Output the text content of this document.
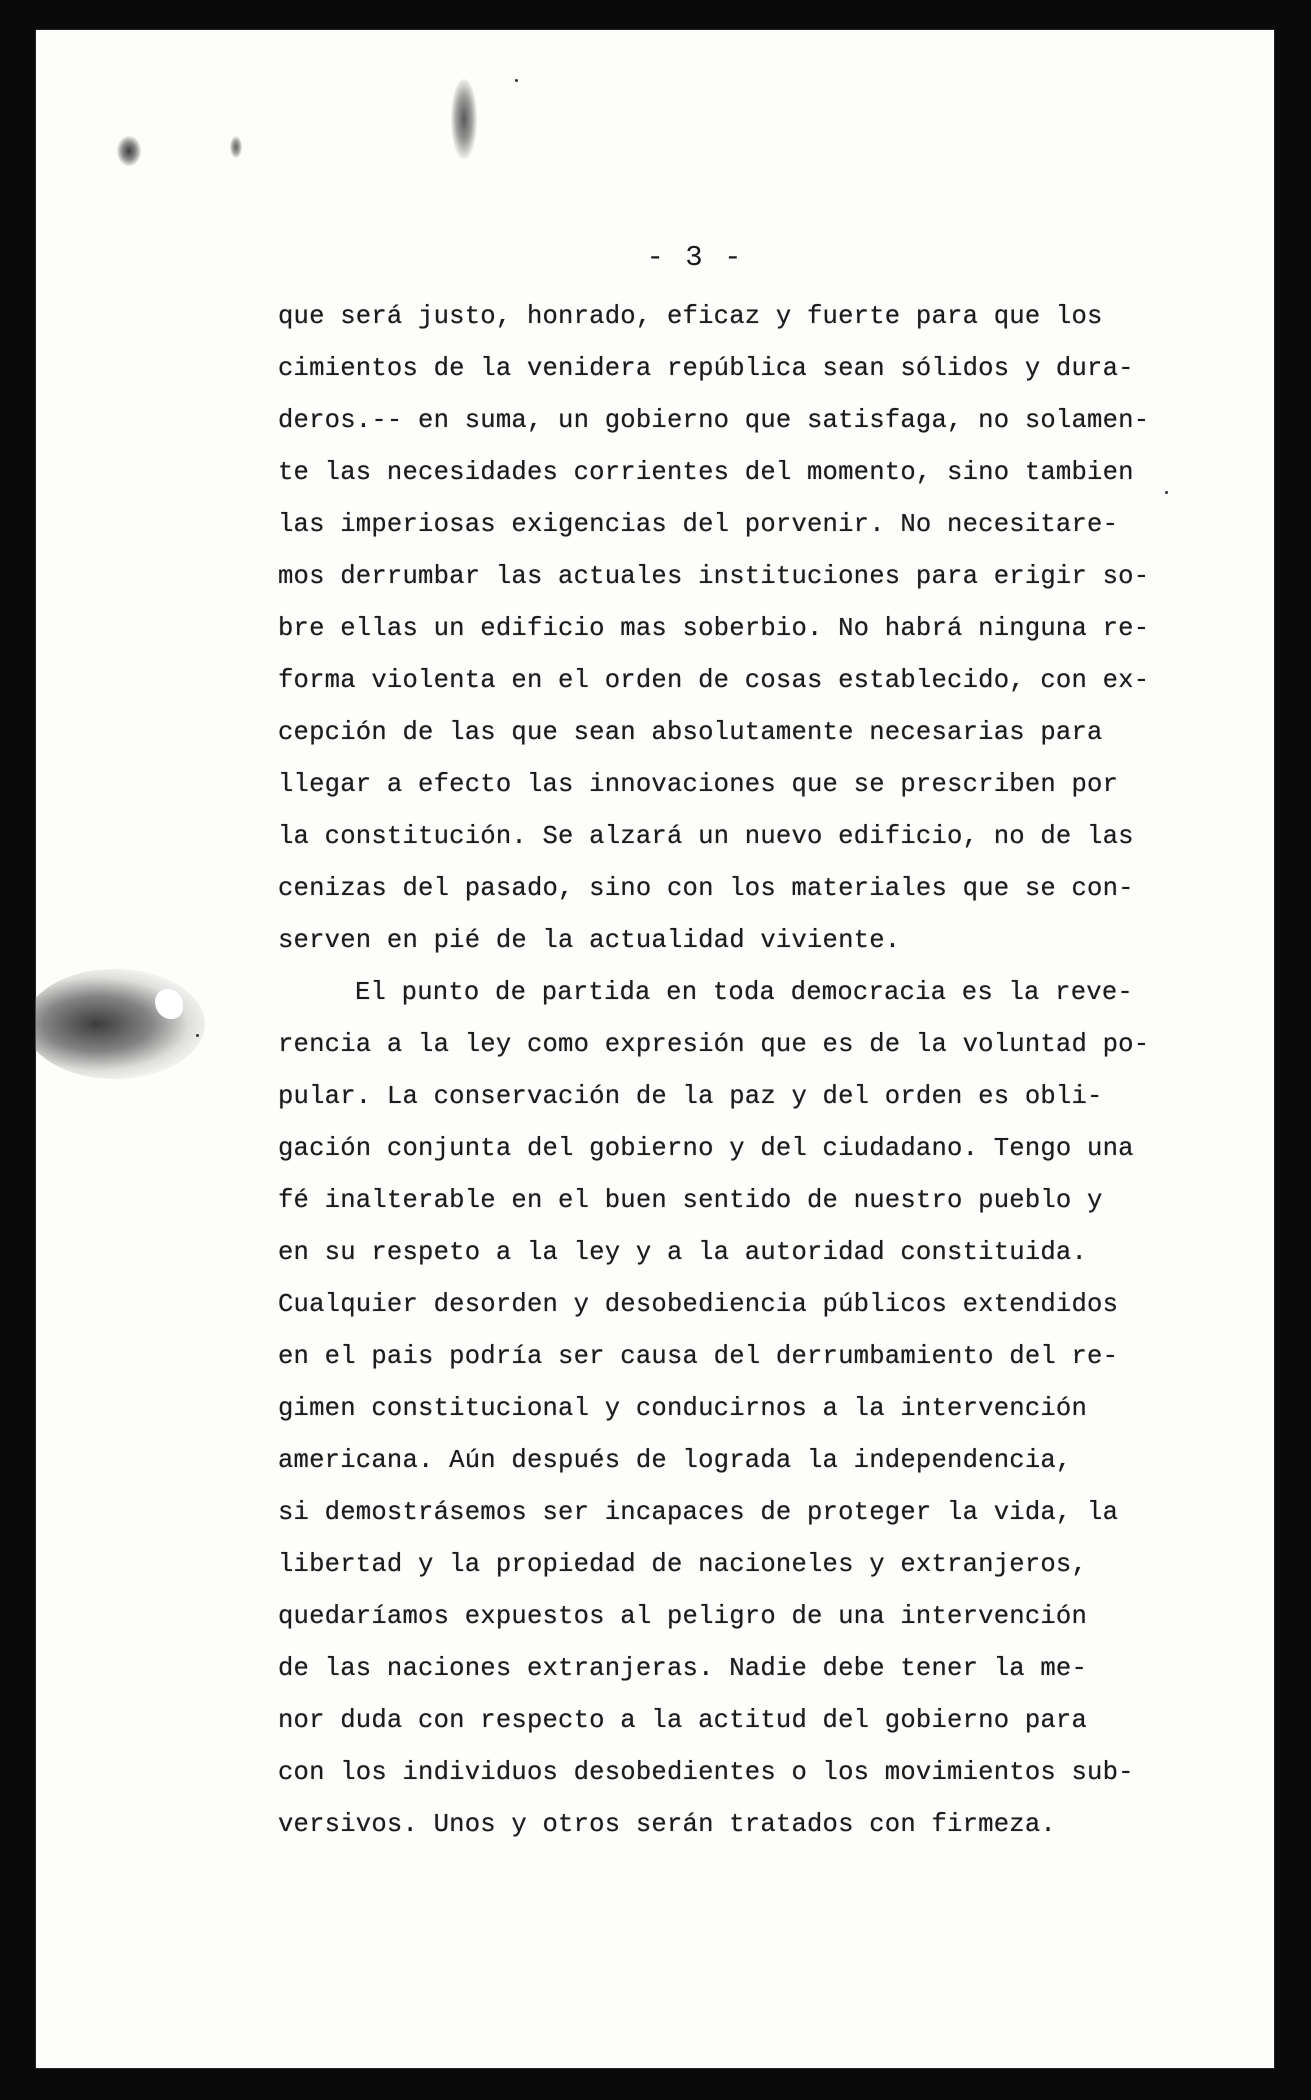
- 3 -
que será justo, honrado, eficaz y fuerte para que los
cimientos de la venidera república sean sólidos y dura-
deros.-- en suma, un gobierno que satisfaga, no solamen-
te las necesidades corrientes del momento, sino tambien
las imperiosas exigencias del porvenir. No necesitare-
mos derrumbar las actuales instituciones para erigir so-
bre ellas un edificio mas soberbio. No habrá ninguna re-
forma violenta en el orden de cosas establecido, con ex-
cepción de las que sean absolutamente necesarias para
llegar a efecto las innovaciones que se prescriben por
la constitución. Se alzará un nuevo edificio, no de las
cenizas del pasado, sino con los materiales que se con-
serven en pié de la actualidad viviente.
El punto de partida en toda democracia es la reve-
rencia a la ley como expresión que es de la voluntad po-
pular. La conservación de la paz y del orden es obli-
gación conjunta del gobierno y del ciudadano. Tengo una
fé inalterable en el buen sentido de nuestro pueblo y
en su respeto a la ley y a la autoridad constituida.
Cualquier desorden y desobediencia públicos extendidos
en el pais podría ser causa del derrumbamiento del re-
gimen constitucional y conducirnos a la intervención
americana. Aún después de lograda la independencia,
si demostrásemos ser incapaces de proteger la vida, la
libertad y la propiedad de nacioneles y extranjeros,
quedaríamos expuestos al peligro de una intervención
de las naciones extranjeras. Nadie debe tener la me-
nor duda con respecto a la actitud del gobierno para
con los individuos desobedientes o los movimientos sub-
versivos. Unos y otros serán tratados con firmeza.
